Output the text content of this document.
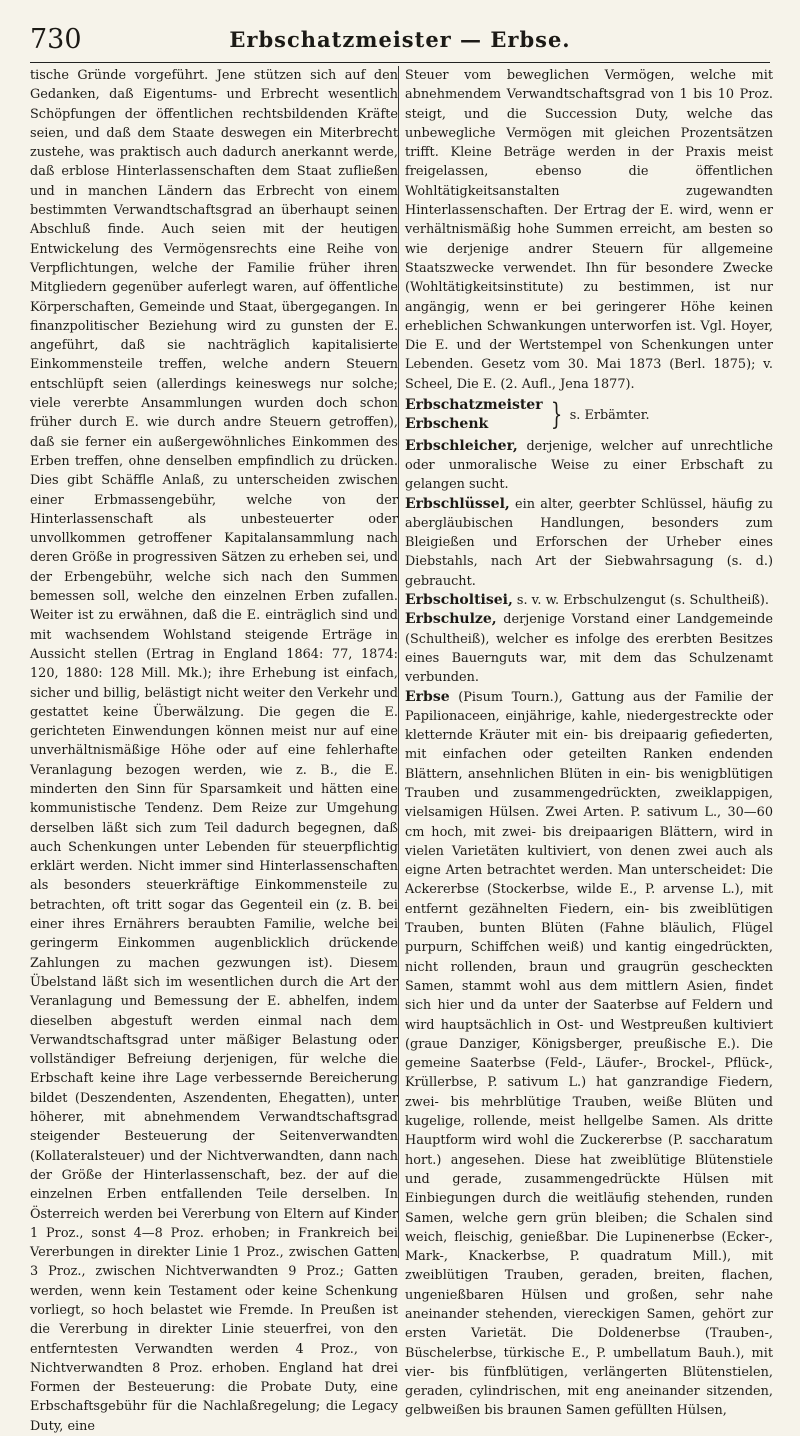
730	Erbschatzmeister — Erbse.

tische Gründe vorgeführt. Jene stützen sich auf den Gedanken, daß Eigentums- und Erbrecht wesentlich Schöpfungen der öffentlichen rechtsbildenden Kräfte seien, und daß dem Staate deswegen ein Miterbrecht zustehe, was praktisch auch dadurch anerkannt werde, daß erblose Hinterlassenschaften dem Staat zufließen und in manchen Ländern das Erbrecht von einem bestimmten Verwandtschaftsgrad an überhaupt seinen Abschluß finde. Auch seien mit der heutigen Entwickelung des Vermögensrechts eine Reihe von Verpflichtungen, welche der Familie früher ihren Mitgliedern gegenüber auferlegt waren, auf öffentliche Körperschaften, Gemeinde und Staat, übergegangen. In finanzpolitischer Beziehung wird zu gunsten der E. angeführt, daß sie nachträglich kapitalisierte Einkommensteile treffen, welche andern Steuern entschlüpft seien (allerdings keineswegs nur solche; viele vererbte Ansammlungen wurden doch schon früher durch E. wie durch andre Steuern getroffen), daß sie ferner ein außergewöhnliches Einkommen des Erben treffen, ohne denselben empfindlich zu drücken. Dies gibt Schäffle Anlaß, zu unterscheiden zwischen einer Erbmassengebühr, welche von der Hinterlassenschaft als unbesteuerter oder unvollkommen getroffener Kapitalansammlung nach deren Größe in progressiven Sätzen zu erheben sei, und der Erbengebühr, welche sich nach den Summen bemessen soll, welche den einzelnen Erben zufallen. Weiter ist zu erwähnen, daß die E. einträglich sind und mit wachsendem Wohlstand steigende Erträge in Aussicht stellen (Ertrag in England 1864: 77, 1874: 120, 1880: 128 Mill. Mk.); ihre Erhebung ist einfach, sicher und billig, belästigt nicht weiter den Verkehr und gestattet keine Überwälzung. Die gegen die E. gerichteten Einwendungen können meist nur auf eine unverhältnismäßige Höhe oder auf eine fehlerhafte Veranlagung bezogen werden, wie z. B., die E. minderten den Sinn für Sparsamkeit und hätten eine kommunistische Tendenz. Dem Reize zur Umgehung derselben läßt sich zum Teil dadurch begegnen, daß auch Schenkungen unter Lebenden für steuerpflichtig erklärt werden. Nicht immer sind Hinterlassenschaften als besonders steuerkräftige Einkommensteile zu betrachten, oft tritt sogar das Gegenteil ein (z. B. bei einer ihres Ernährers beraubten Familie, welche bei geringerm Einkommen augenblicklich drückende Zahlungen zu machen gezwungen ist). Diesem Übelstand läßt sich im wesentlichen durch die Art der Veranlagung und Bemessung der E. abhelfen, indem dieselben abgestuft werden einmal nach dem Verwandtschaftsgrad unter mäßiger Belastung oder vollständiger Befreiung derjenigen, für welche die Erbschaft keine ihre Lage verbessernde Bereicherung bildet (Deszendenten, Aszendenten, Ehegatten), unter höherer, mit abnehmendem Verwandtschaftsgrad steigender Besteuerung der Seitenverwandten (Kollateralsteuer) und der Nichtverwandten, dann nach der Größe der Hinterlassenschaft, bez. der auf die einzelnen Erben entfallenden Teile derselben. In Österreich werden bei Vererbung von Eltern auf Kinder 1 Proz., sonst 4—8 Proz. erhoben; in Frankreich bei Vererbungen in direkter Linie 1 Proz., zwischen Gatten 3 Proz., zwischen Nichtverwandten 9 Proz.; Gatten werden, wenn kein Testament oder keine Schenkung vorliegt, so hoch belastet wie Fremde. In Preußen ist die Vererbung in direkter Linie steuerfrei, von den entferntesten Verwandten werden 4 Proz., von Nichtverwandten 8 Proz. erhoben. England hat drei Formen der Besteuerung: die Probate Duty, eine Erbschaftsgebühr für die Nachlaßregelung; die Legacy Duty, eine

Steuer vom beweglichen Vermögen, welche mit abnehmendem Verwandtschaftsgrad von 1 bis 10 Proz. steigt, und die Succession Duty, welche das unbewegliche Vermögen mit gleichen Prozentsätzen trifft. Kleine Beträge werden in der Praxis meist freigelassen, ebenso die öffentlichen Wohltätigkeitsanstalten zugewandten Hinterlassenschaften. Der Ertrag der E. wird, wenn er verhältnismäßig hohe Summen erreicht, am besten so wie derjenige andrer Steuern für allgemeine Staatszwecke verwendet. Ihn für besondere Zwecke (Wohltätigkeitsinstitute) zu bestimmen, ist nur angängig, wenn er bei geringerer Höhe keinen erheblichen Schwankungen unterworfen ist. Vgl. Hoyer, Die E. und der Wertstempel von Schenkungen unter Lebenden. Gesetz vom 30. Mai 1873 (Berl. 1875); v. Scheel, Die E. (2. Aufl., Jena 1877).

Erbschatzmeister
Erbschenk	} s. Erbämter.

Erbschleicher, derjenige, welcher auf unrechtliche oder unmoralische Weise zu einer Erbschaft zu gelangen sucht.

Erbschlüssel, ein alter, geerbter Schlüssel, häufig zu abergläubischen Handlungen, besonders zum Bleigießen und Erforschen der Urheber eines Diebstahls, nach Art der Siebwahrsagung (s. d.) gebraucht.

Erbscholtisei, s. v. w. Erbschulzengut (s. Schultheiß).

Erbschulze, derjenige Vorstand einer Landgemeinde (Schultheiß), welcher es infolge des ererbten Besitzes eines Bauernguts war, mit dem das Schulzenamt verbunden.

Erbse (Pisum Tourn.), Gattung aus der Familie der Papilionaceen, einjährige, kahle, niedergestreckte oder kletternde Kräuter mit ein- bis dreipaarig gefiederten, mit einfachen oder geteilten Ranken endenden Blättern, ansehnlichen Blüten in ein- bis wenigblütigen Trauben und zusammengedrückten, zweiklappigen, vielsamigen Hülsen. Zwei Arten. P. sativum L., 30—60 cm hoch, mit zwei- bis dreipaarigen Blättern, wird in vielen Varietäten kultiviert, von denen zwei auch als eigne Arten betrachtet werden. Man unterscheidet: Die Ackererbse (Stockerbse, wilde E., P. arvense L.), mit entfernt gezähnelten Fiedern, ein- bis zweiblütigen Trauben, bunten Blüten (Fahne bläulich, Flügel purpurn, Schiffchen weiß) und kantig eingedrückten, nicht rollenden, braun und graugrün gescheckten Samen, stammt wohl aus dem mittlern Asien, findet sich hier und da unter der Saaterbse auf Feldern und wird hauptsächlich in Ost- und Westpreußen kultiviert (graue Danziger, Königsberger, preußische E.). Die gemeine Saaterbse (Feld-, Läufer-, Brockel-, Pflück-, Krüllerbse, P. sativum L.) hat ganzrandige Fiedern, zwei- bis mehrblütige Trauben, weiße Blüten und kugelige, rollende, meist hellgelbe Samen. Als dritte Hauptform wird wohl die Zuckererbse (P. saccharatum hort.) angesehen. Diese hat zweiblütige Blütenstiele und gerade, zusammengedrückte Hülsen mit Einbiegungen durch die weitläufig stehenden, runden Samen, welche gern grün bleiben; die Schalen sind weich, fleischig, genießbar. Die Lupinenerbse (Ecker-, Mark-, Knackerbse, P. quadratum Mill.), mit zweiblütigen Trauben, geraden, breiten, flachen, ungenießbaren Hülsen und großen, sehr nahe aneinander stehenden, viereckigen Samen, gehört zur ersten Varietät. Die Doldenerbse (Trauben-, Büschelerbse, türkische E., P. umbellatum Bauh.), mit vier- bis fünfblütigen, verlängerten Blütenstielen, geraden, cylindrischen, mit eng aneinander sitzenden, gelbweißen bis braunen Samen gefüllten Hülsen,
